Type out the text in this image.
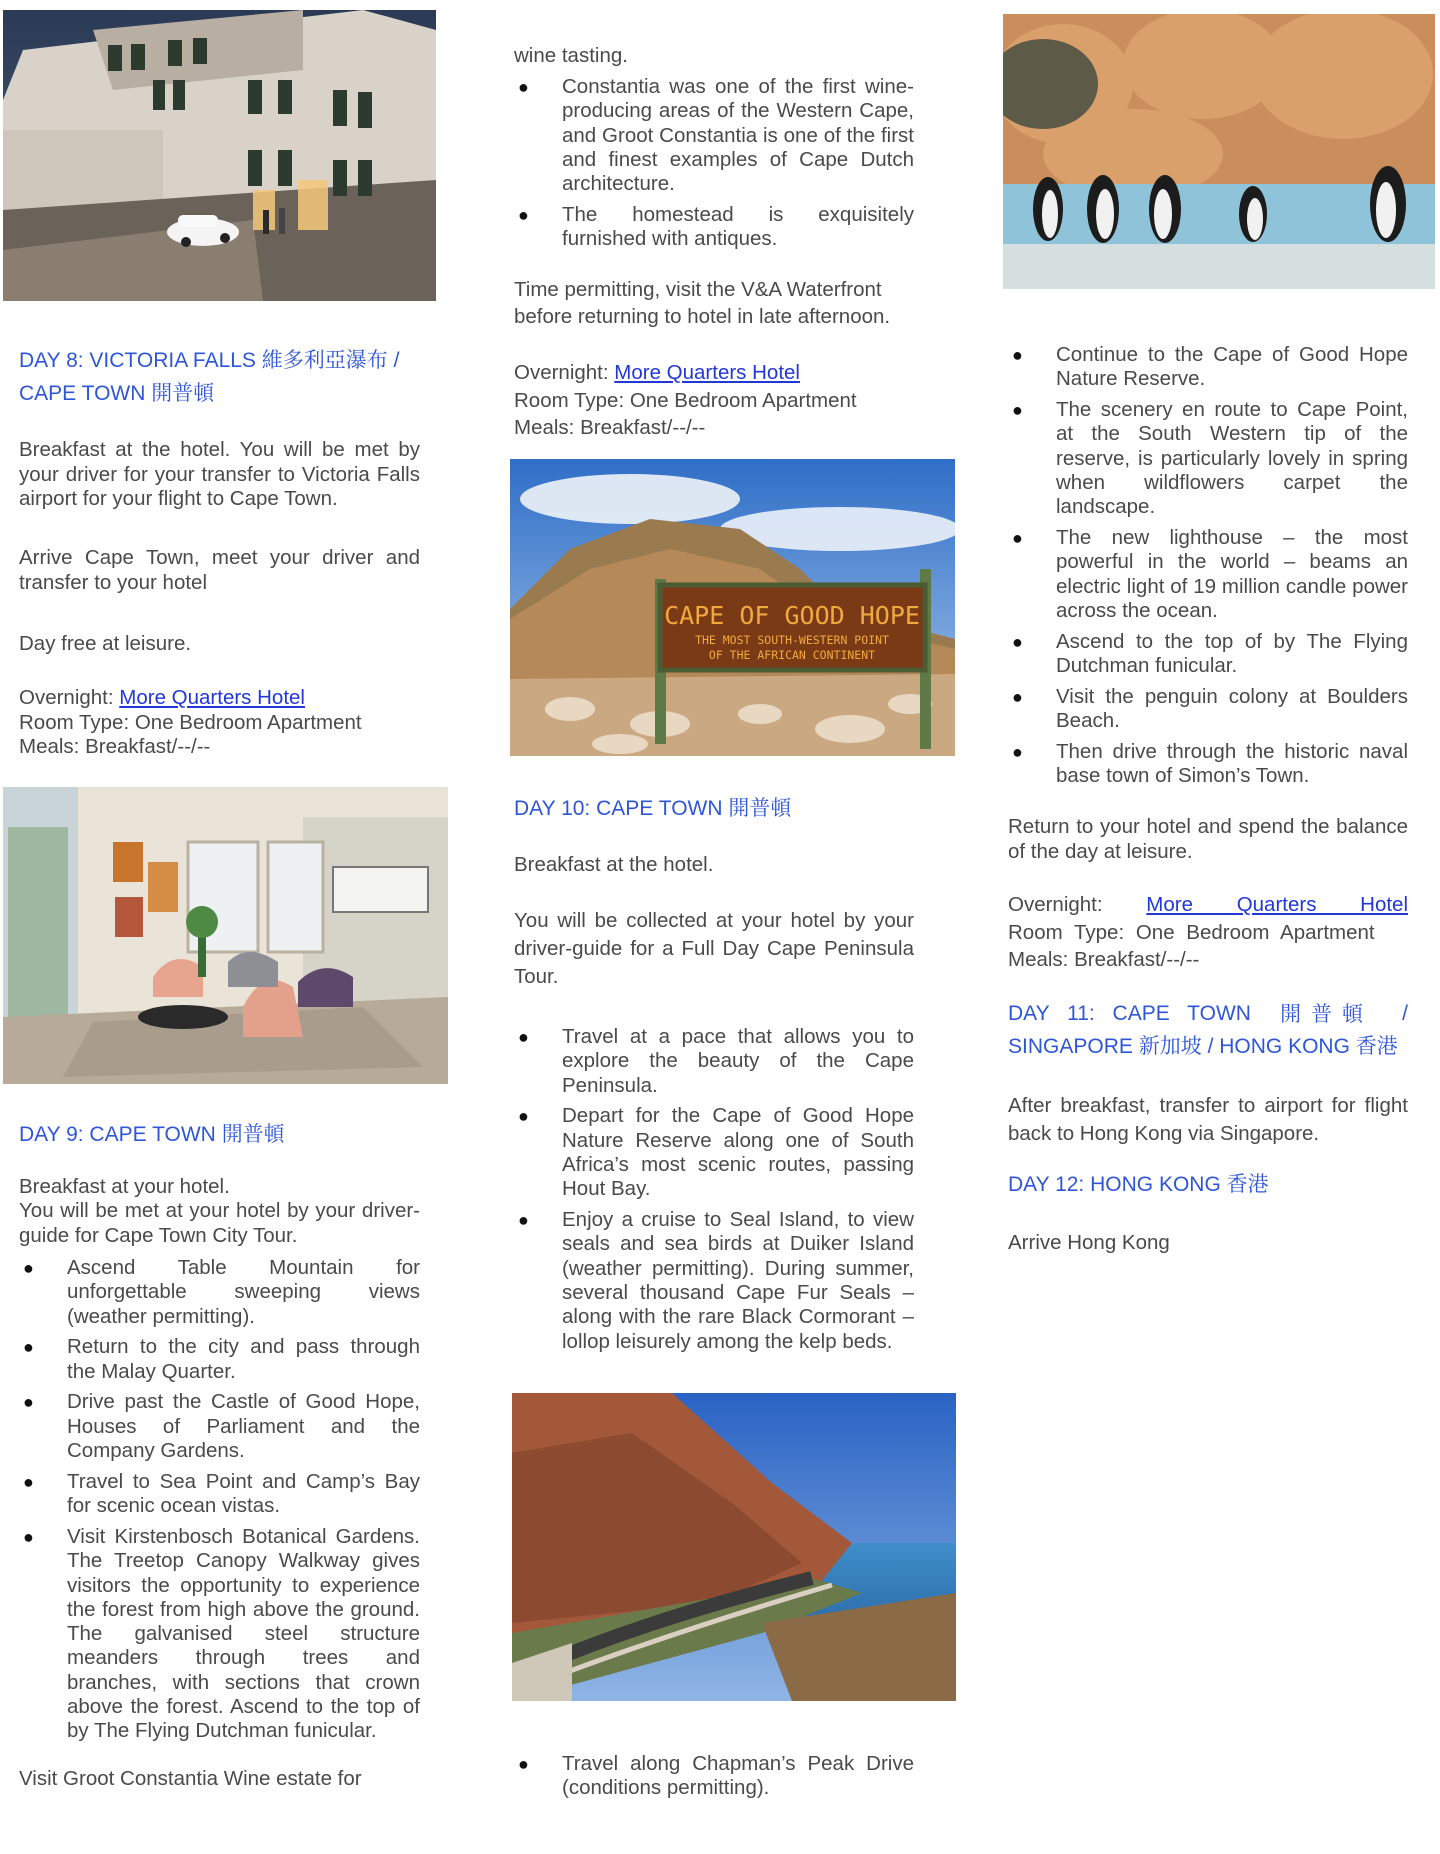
DAY 8: VICTORIA FALLS 維多利亞瀑布 /
CAPE TOWN 開普頓
Breakfast at the hotel. You will be met by your driver for your transfer to Victoria Falls airport for your flight to Cape Town.
Arrive Cape Town, meet your driver and transfer to your hotel
Day free at leisure.
Overnight: More Quarters Hotel
Room Type: One Bedroom Apartment
Meals: Breakfast/--/--
DAY 9: CAPE TOWN 開普頓
Breakfast at your hotel.
You will be met at your hotel by your driver-guide for Cape Town City Tour.
● Ascend Table Mountain for unforgettable sweeping views (weather permitting).
● Return to the city and pass through the Malay Quarter.
● Drive past the Castle of Good Hope, Houses of Parliament and the Company Gardens.
● Travel to Sea Point and Camp’s Bay for scenic ocean vistas.
● Visit Kirstenbosch Botanical Gardens. The Treetop Canopy Walkway gives visitors the opportunity to experience the forest from high above the ground. The galvanised steel structure meanders through trees and branches, with sections that crown above the forest. Ascend to the top of by The Flying Dutchman funicular.
Visit Groot Constantia Wine estate for
wine tasting.
● Constantia was one of the first wine-producing areas of the Western Cape, and Groot Constantia is one of the first and finest examples of Cape Dutch architecture.
● The homestead is exquisitely furnished with antiques.
Time permitting, visit the V&A Waterfront before returning to hotel in late afternoon.
Overnight: More Quarters Hotel
Room Type: One Bedroom Apartment
Meals: Breakfast/--/--
CAPE OF GOOD HOPE
THE MOST SOUTH-WESTERN POINT
OF THE AFRICAN CONTINENT
DAY 10: CAPE TOWN 開普頓
Breakfast at the hotel.
You will be collected at your hotel by your driver-guide for a Full Day Cape Peninsula Tour.
● Travel at a pace that allows you to explore the beauty of the Cape Peninsula.
● Depart for the Cape of Good Hope Nature Reserve along one of South Africa’s most scenic routes, passing Hout Bay.
● Enjoy a cruise to Seal Island, to view seals and sea birds at Duiker Island (weather permitting). During summer, several thousand Cape Fur Seals – along with the rare Black Cormorant – lollop leisurely among the kelp beds.
● Travel along Chapman’s Peak Drive (conditions permitting).
● Continue to the Cape of Good Hope Nature Reserve.
● The scenery en route to Cape Point, at the South Western tip of the reserve, is particularly lovely in spring when wildflowers carpet the landscape.
● The new lighthouse – the most powerful in the world – beams an electric light of 19 million candle power across the ocean.
● Ascend to the top of by The Flying Dutchman funicular.
● Visit the penguin colony at Boulders Beach.
● Then drive through the historic naval base town of Simon’s Town.
Return to your hotel and spend the balance of the day at leisure.
Overnight: More Quarters Hotel
Room Type: One Bedroom Apartment
Meals: Breakfast/--/--
DAY 11: CAPE TOWN 開普頓 /
SINGAPORE 新加坡 / HONG KONG 香港
After breakfast, transfer to airport for flight back to Hong Kong via Singapore.
DAY 12: HONG KONG 香港
Arrive Hong Kong
